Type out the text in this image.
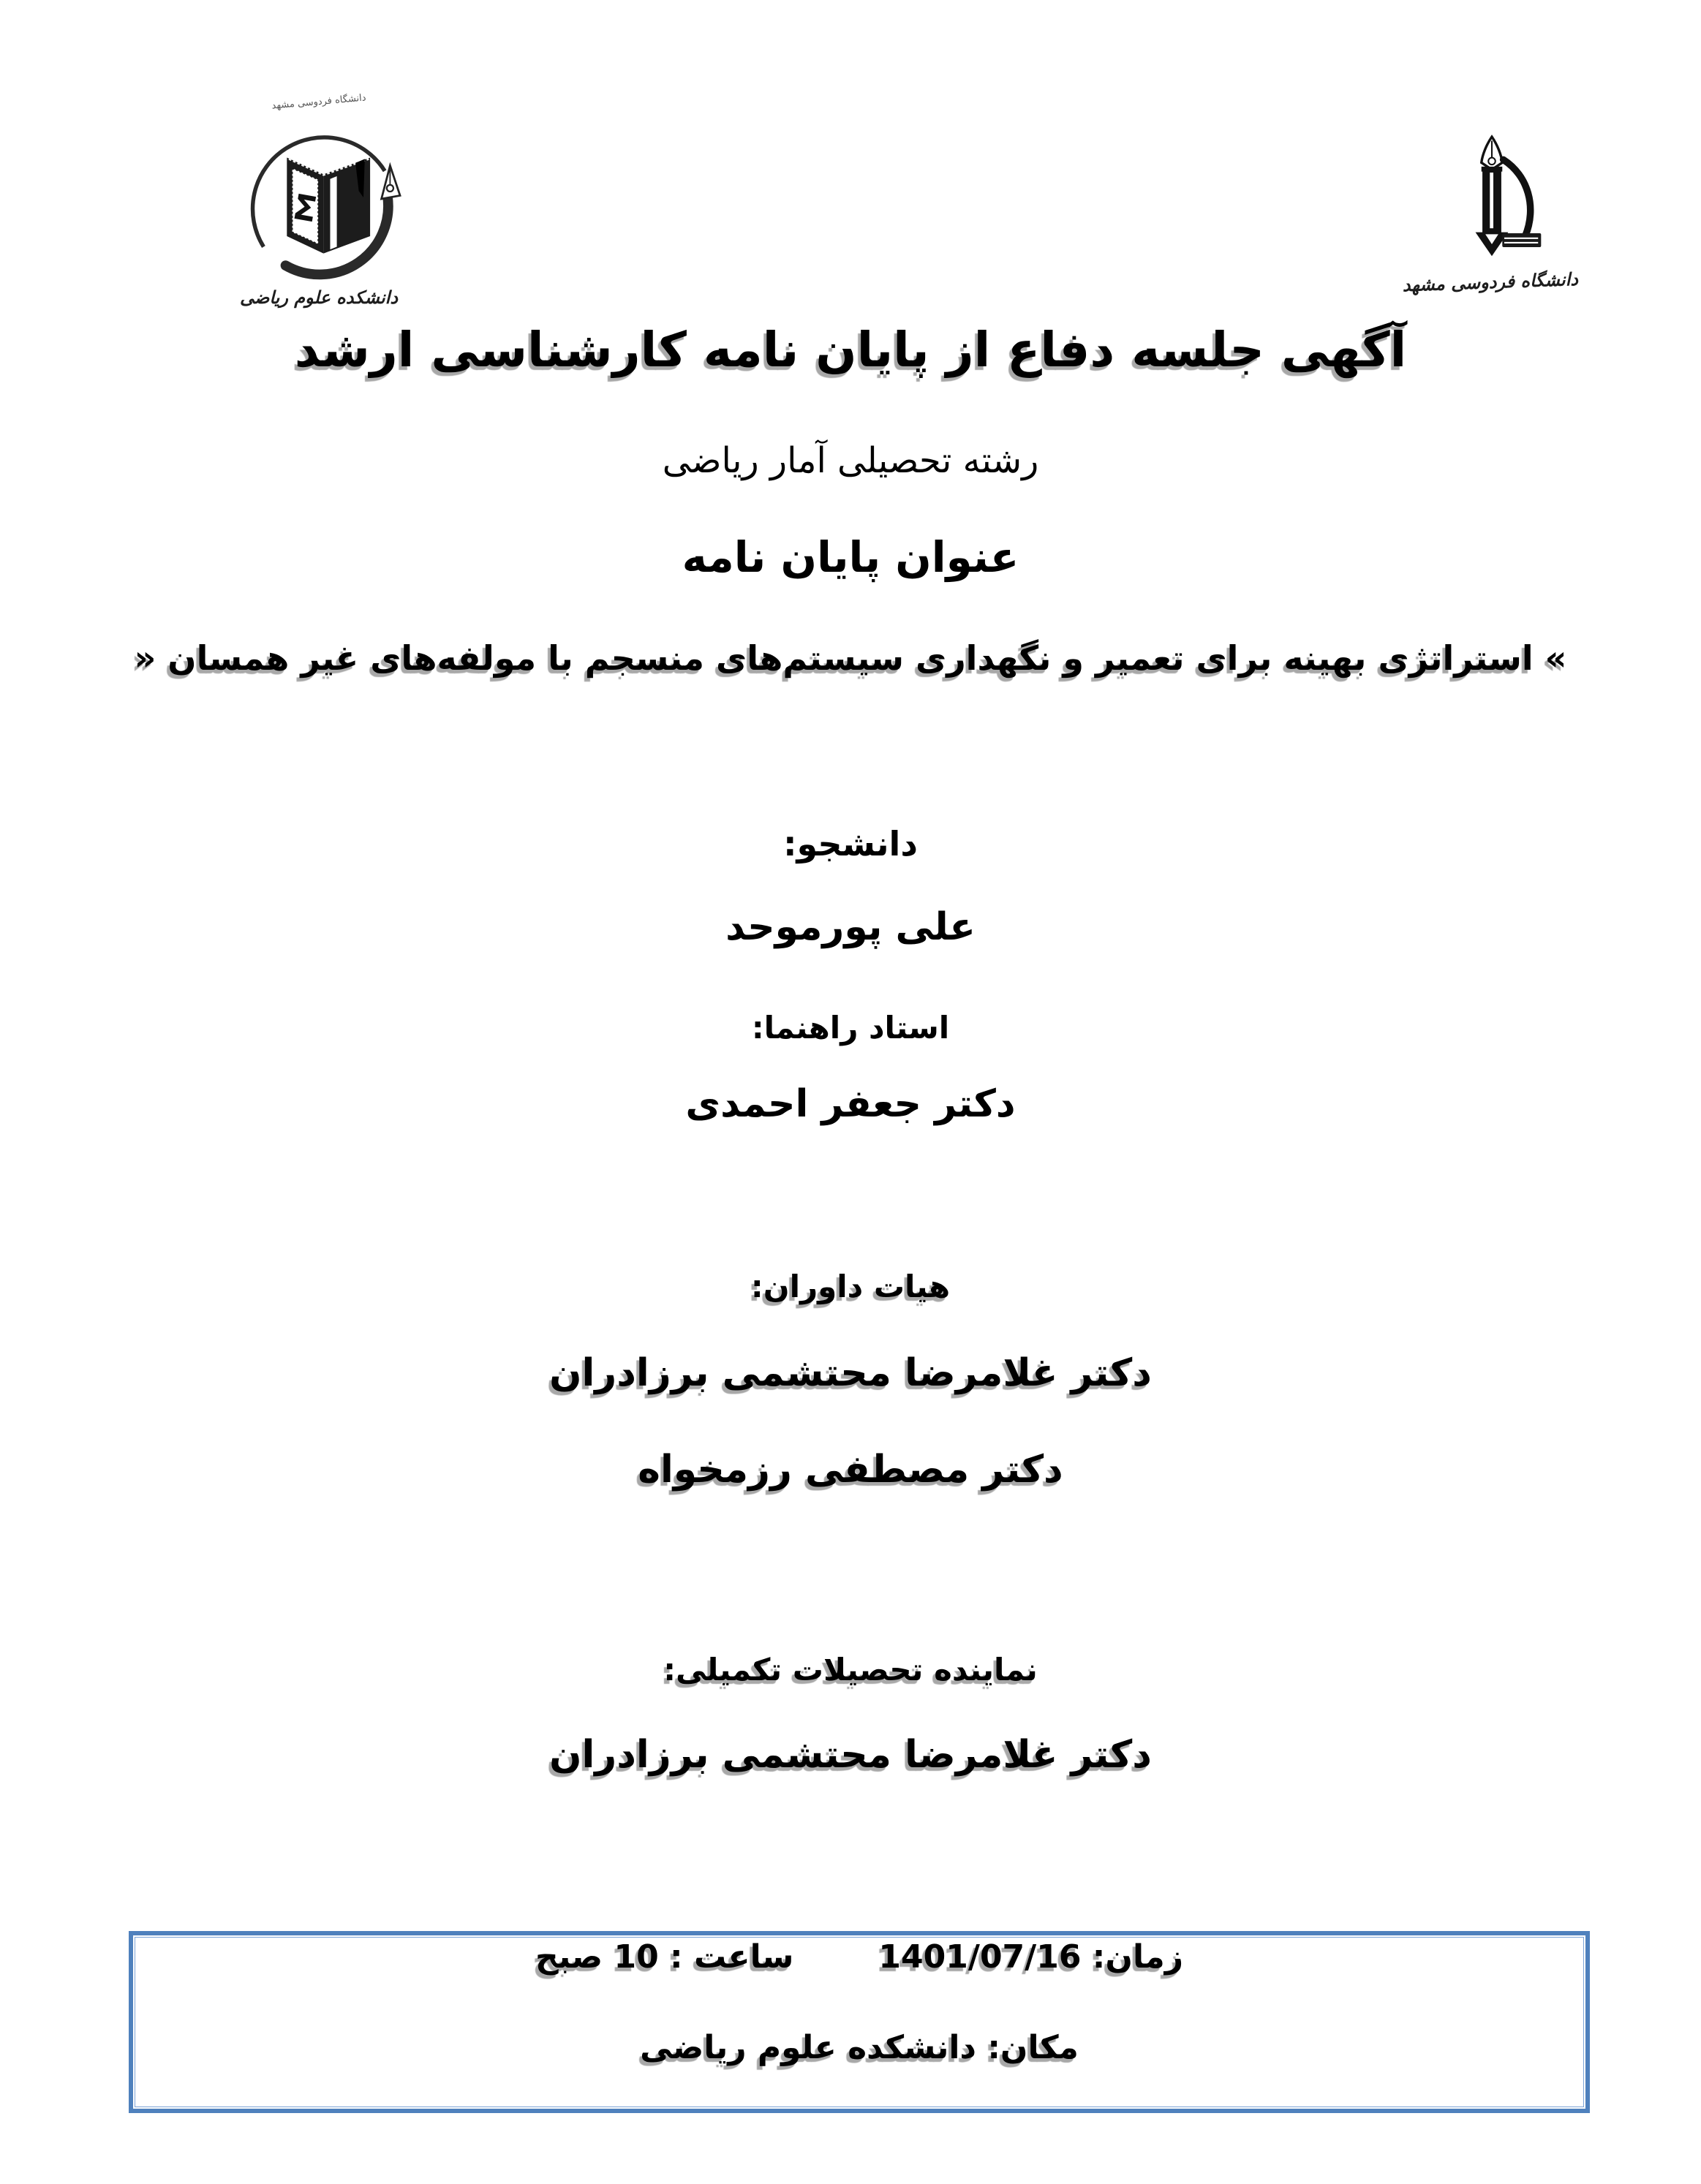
دانشگاه فردوسی مشهد
Σ
دانشکده علوم ریاضی
دانشگاه فردوسی مشهد
آگهی جلسه دفاع از پایان نامه کارشناسی ارشد
رشته تحصیلی آمار ریاضی
عنوان پایان نامه
» استراتژی بهینه برای تعمیر و نگهداری سیستم‌های منسجم با مولفه‌های غیر همسان «
دانشجو:
علی پورموحد
استاد راهنما:
دکتر جعفر احمدی
هیات داوران:
دکتر غلامرضا محتشمی برزادران
دکتر مصطفی رزمخواه
نماینده تحصیلات تکمیلی:
دکتر غلامرضا محتشمی برزادران
زمان: 1401/07/16
ساعت : 10 صبح
مکان: دانشکده علوم ریاضی
